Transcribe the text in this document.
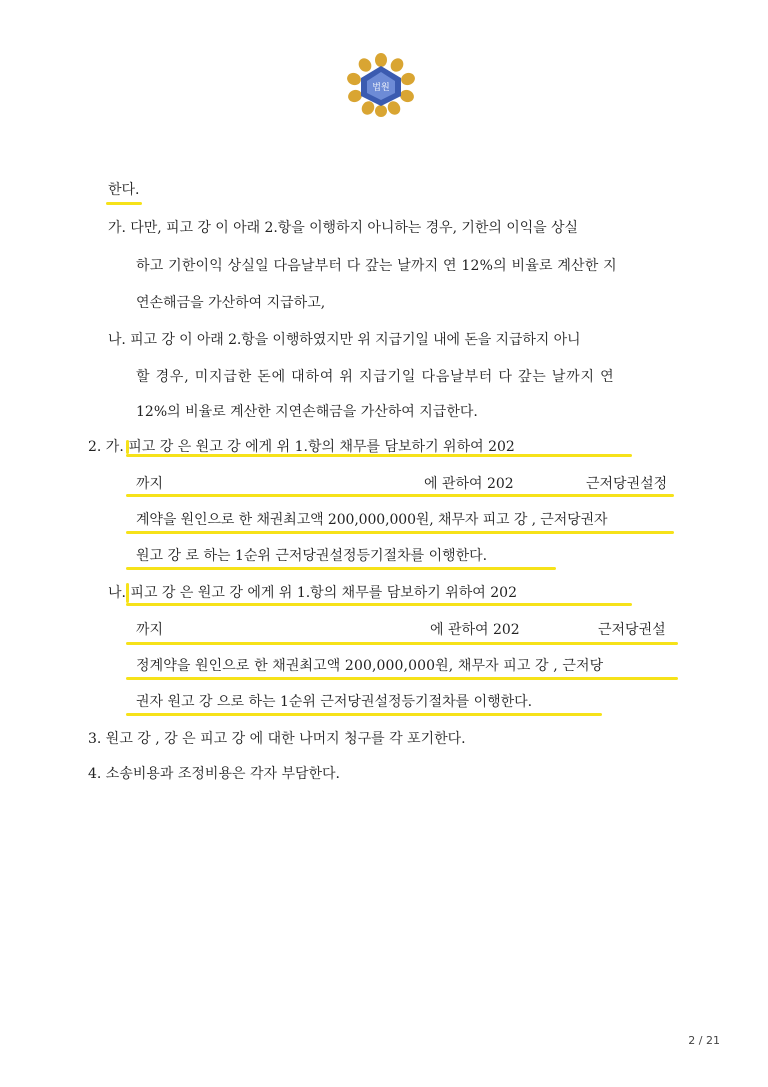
법원
한다.
가. 다만, 피고 강 이 아래 2.항을 이행하지 아니하는 경우, 기한의 이익을 상실
하고 기한이익 상실일 다음날부터 다 갚는 날까지 연 12%의 비율로 계산한 지
연손해금을 가산하여 지급하고,
나. 피고 강 이 아래 2.항을 이행하였지만 위 지급기일 내에 돈을 지급하지 아니
할 경우, 미지급한 돈에 대하여 위 지급기일 다음날부터 다 갚는 날까지 연
12%의 비율로 계산한 지연손해금을 가산하여 지급한다.
2. 가. 피고 강 은 원고 강 에게 위 1.항의 채무를 담보하기 위하여 202
까지	에 관하여 202	근저당권설정
계약을 원인으로 한 채권최고액 200,000,000원, 채무자 피고 강 , 근저당권자
원고 강 로 하는 1순위 근저당권설정등기절차를 이행한다.
나. 피고 강 은 원고 강 에게 위 1.항의 채무를 담보하기 위하여 202
까지	에 관하여 202	근저당권설
정계약을 원인으로 한 채권최고액 200,000,000원, 채무자 피고 강 , 근저당
권자 원고 강 으로 하는 1순위 근저당권설정등기절차를 이행한다.
3. 원고 강 , 강 은 피고 강 에 대한 나머지 청구를 각 포기한다.
4. 소송비용과 조정비용은 각자 부담한다.
2 / 21
